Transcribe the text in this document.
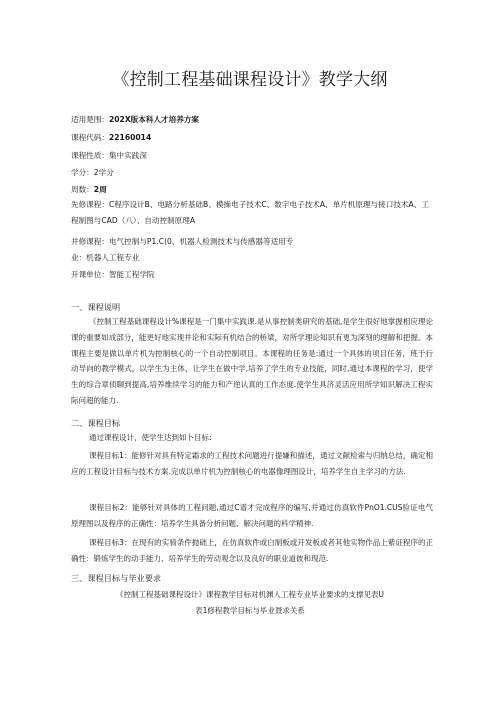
《控制工程基础课程设计》教学大纲
适用楚围：202X版本科人才培养方案
课程代码：22160014
课程性质：集中实践深
学分：2学分
周数：2周
先修课程：C程序设计B、电路分析基础B、模操电子技术C、数字电子技术A、单片机原理与接口技术A、工程制图与CAD（八）、自动控制原理A
并修课程：电气控制与P1.C(0、机器人检测技术与传感器等适用专
业：机器人工程专业
开课单位：智能工程学院
一、课程说明
《控制工程基础课程设计%课程是一门集中实践课.是从事控制类研究的基础,是学生很好地掌握相应理论课的重要如成部分，能更好地实现并论和实际有机结合的桥梁，对所学理论知识有更为深刻的理解和把握。本课程主要是做以单片机为控制核心的一个自动控制项目。本课程的任务是:通过一个具体的项目任务，班于行动导向的教学模式，以学生为主体，让学生在做中学,培养了学生的专业技能，同时,通过本课程的学习，使学生的综合章侦聊到提高,培养维续学习的能力和产逆认真的工作态度.使学生具济灵活应用所学知识解决工程实际问超的能力.
二、课程目标
通过课程设计，使学生达到如卜目标:
课程目标1：能修针对具有特定霜求的工程技术问题进行提嫌和描述，通过文献检索与归纳总结，确定相应的工程设计目标与技术方案.完成以单片机为控制核心的电器像理图设计，培养学生自主学习的方法.
课程目标2：能够针对具体的工程问题,通过C谱才完成程序的编写,并通过仿真软件PnO1.CUS验证电气原理图以及程序的正确性：培养学生具备分析问题、解决问题的科学精神.
课程目标3：在现有的实骑条件抛础上，在仿真软件或白制板或开发板或者其他实物作品上紫证程序的正确性：锻炼学生的动手能力、培养学生的劳动观念以及良好的职业道彼和现范.
三、课程目标与毕业要求
《控制工程基础课程设计》课程教学目标对机渊人工程专业毕业要求的支撑见表U
表1修程教学目标与毕业聂求关系
